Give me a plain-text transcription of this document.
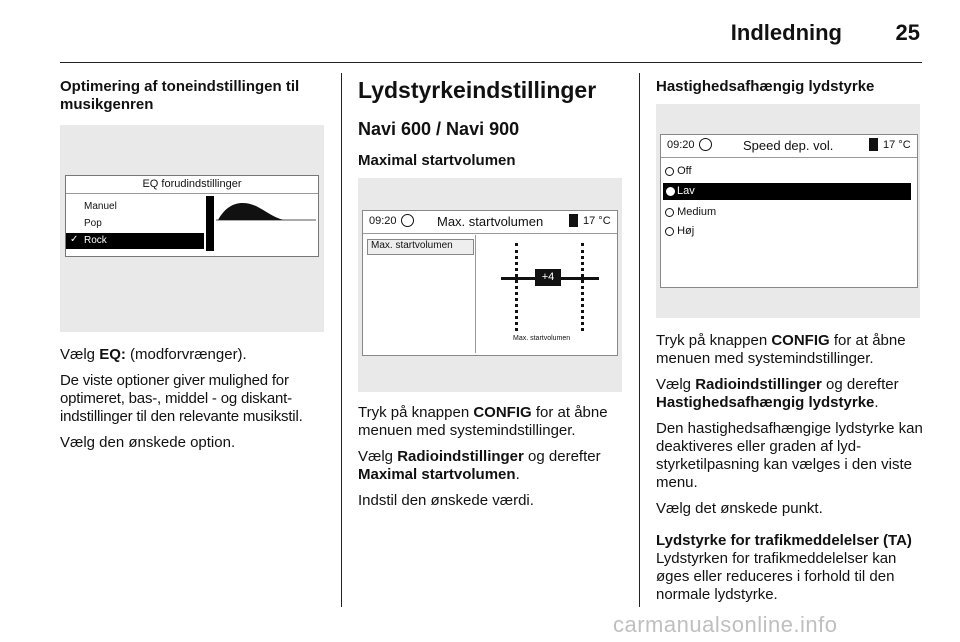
Indledning 25
Optimering af toneindstillingen til musikgenren
EQ forudindstillinger
Manuel
Pop
✓ Rock

Vælg EQ: (modforvrænger).

De viste optioner giver mulighed for optimeret, bas-, middel - og diskant-indstillinger til den relevante musikstil.

Vælg den ønskede option.

Lydstyrkeindstillinger
Navi 600 / Navi 900
Maximal startvolumen
09:20	Max. startvolumen	17 °C
Max. startvolumen
+4
Max. startvolumen

Tryk på knappen CONFIG for at åbne menuen med systemindstillinger.

Vælg Radioindstillinger og derefter Maximal startvolumen.

Indstil den ønskede værdi.

Hastighedsafhængig lydstyrke
09:20	Speed dep. vol.	17 °C
Off
Lav
Medium
Høj

Tryk på knappen CONFIG for at åbne menuen med systemindstillinger.

Vælg Radioindstillinger og derefter Hastighedsafhængig lydstyrke.

Den hastighedsafhængige lydstyrke kan deaktiveres eller graden af lyd-styrketilpasning kan vælges i den viste menu.

Vælg det ønskede punkt.

Lydstyrke for trafikmeddelelser (TA)

Lydstyrken for trafikmeddelelser kan øges eller reduceres i forhold til den normale lydstyrke.

carmanualsonline.info
